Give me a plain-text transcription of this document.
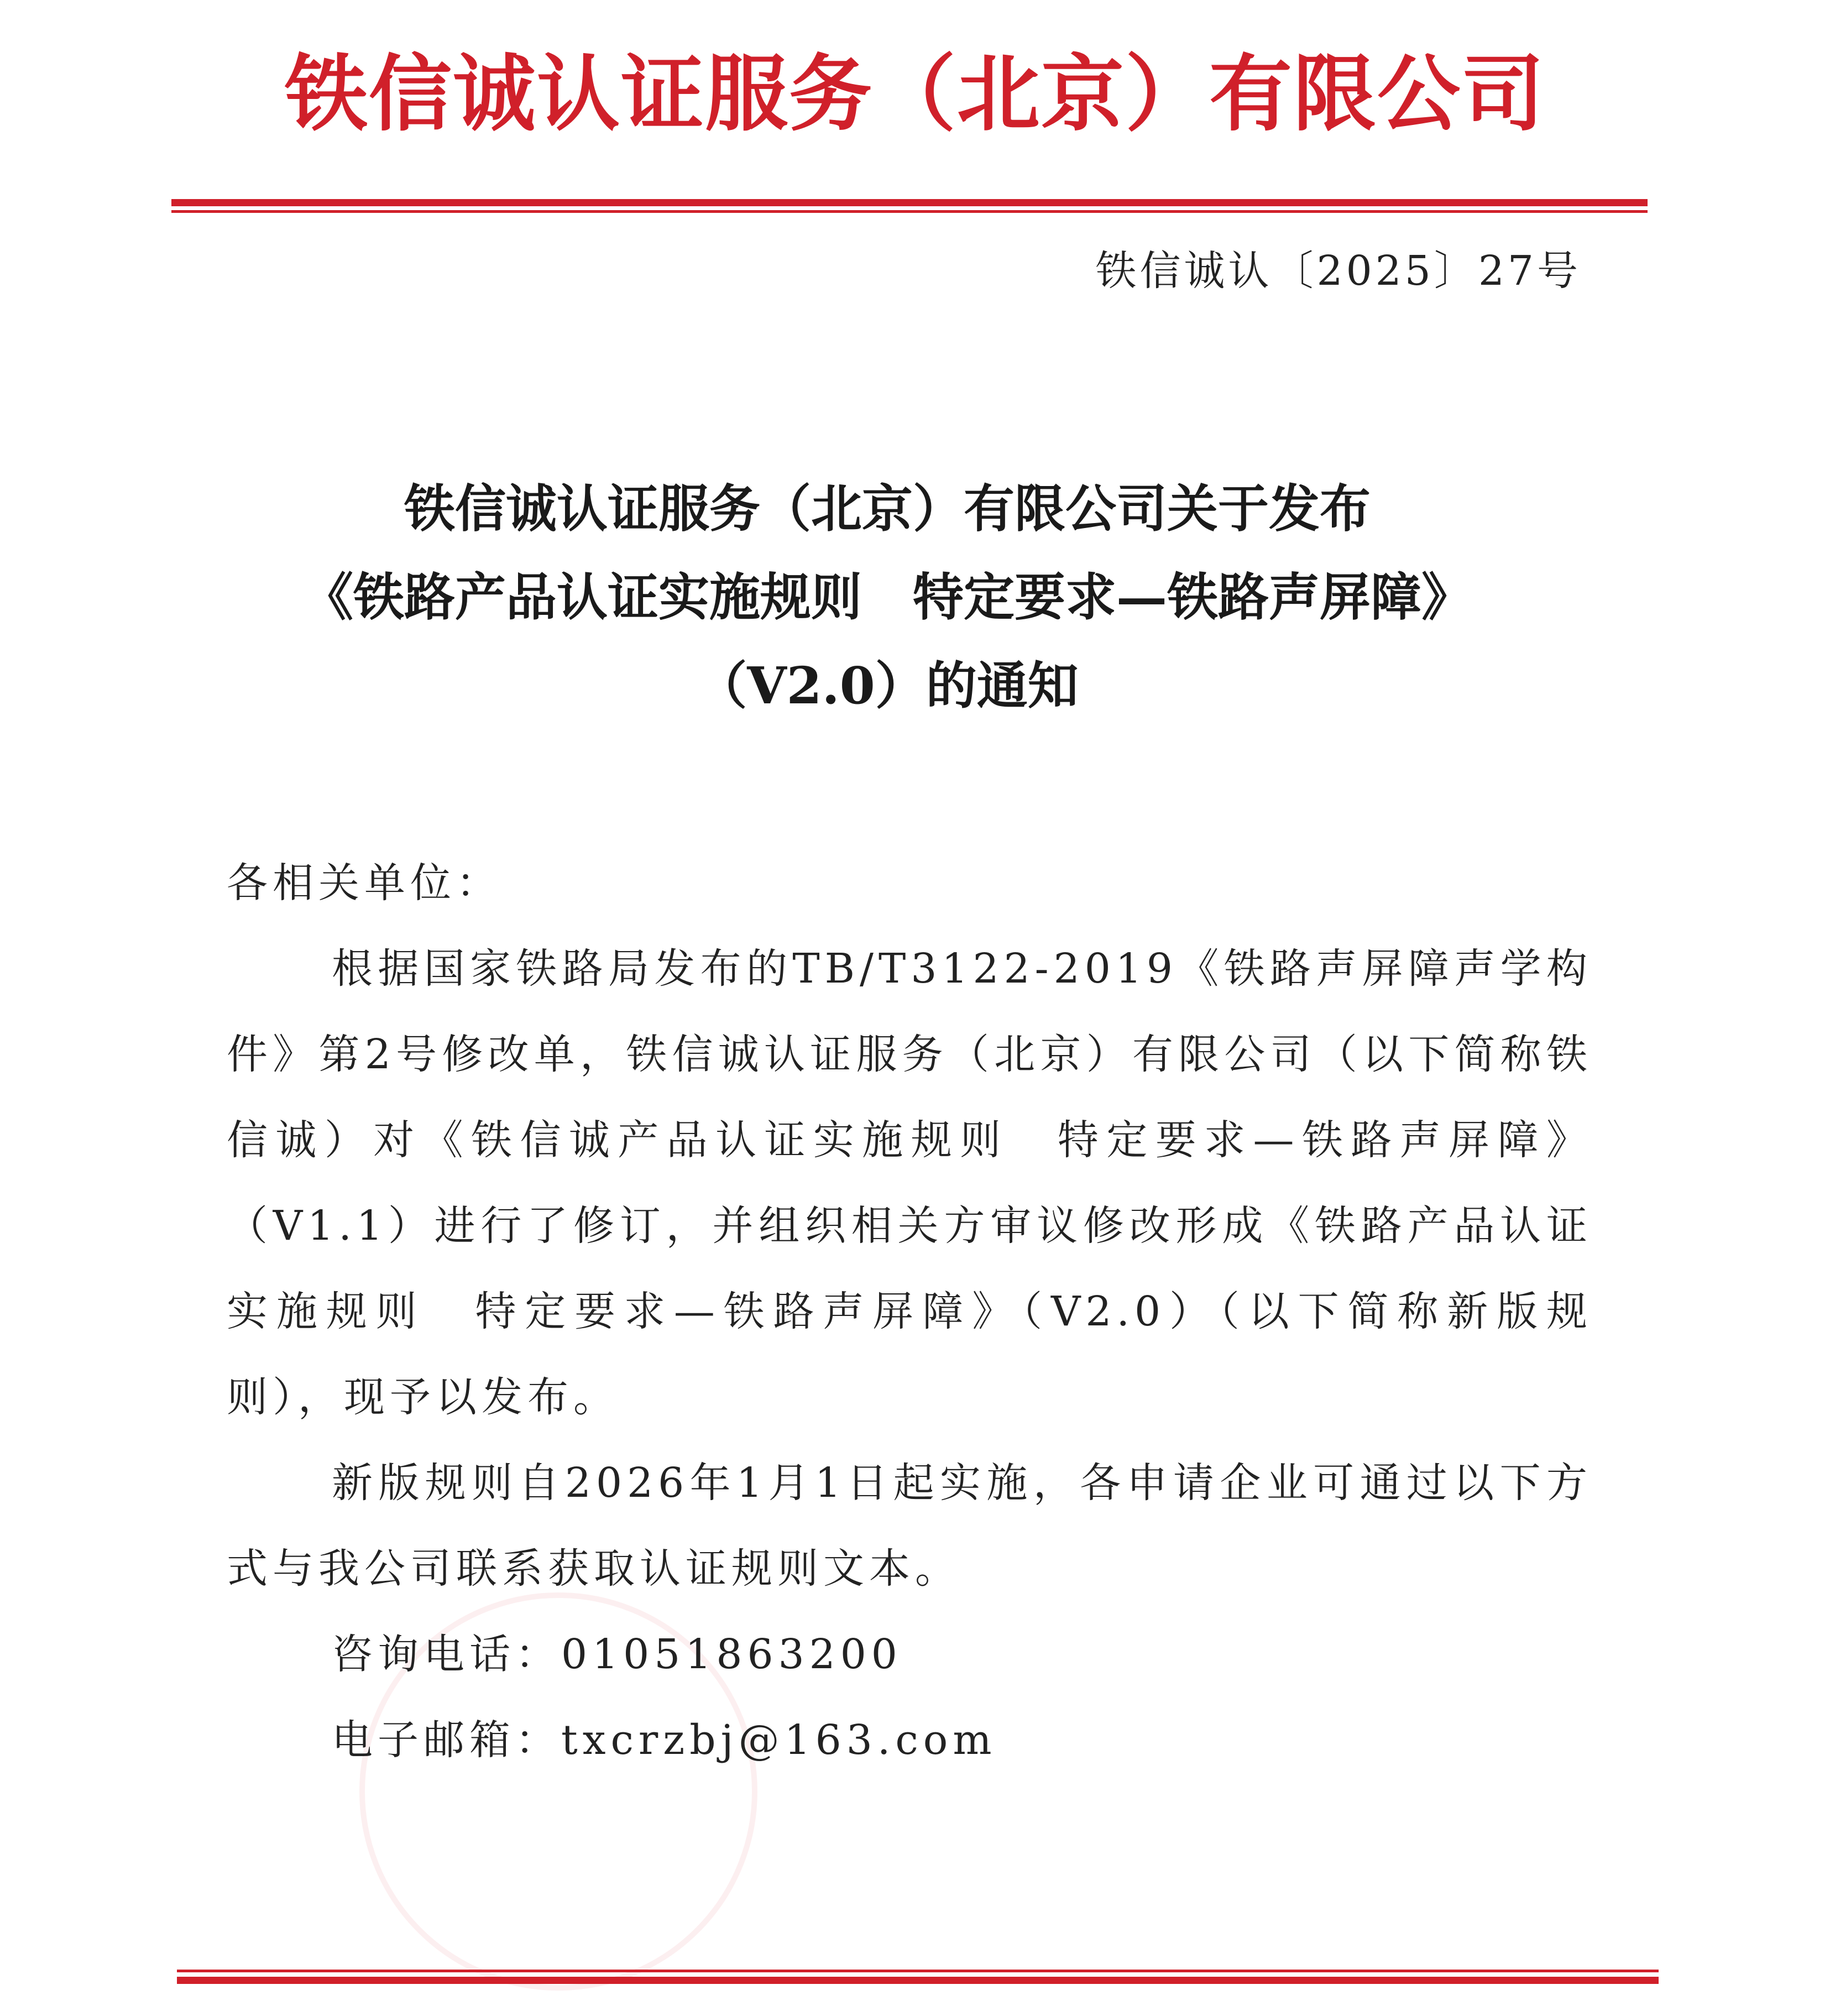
铁信诚认证服务（北京）有限公司
铁信诚认〔2025〕27号
铁信诚认证服务（北京）有限公司关于发布
《铁路产品认证实施规则　特定要求—铁路声屏障》
（V2.0）的通知

各相关单位：

根据国家铁路局发布的TB/T3122-2019《铁路声屏障声学构件》第2号修改单，铁信诚认证服务（北京）有限公司（以下简称铁信诚）对《铁信诚产品认证实施规则　特定要求—铁路声屏障》（V1.1）进行了修订，并组织相关方审议修改形成《铁路产品认证实施规则　特定要求—铁路声屏障》（V2.0）（以下简称新版规则），现予以发布。

新版规则自2026年1月1日起实施，各申请企业可通过以下方式与我公司联系获取认证规则文本。

咨询电话：01051863200

电子邮箱：txcrzbj@163.com
